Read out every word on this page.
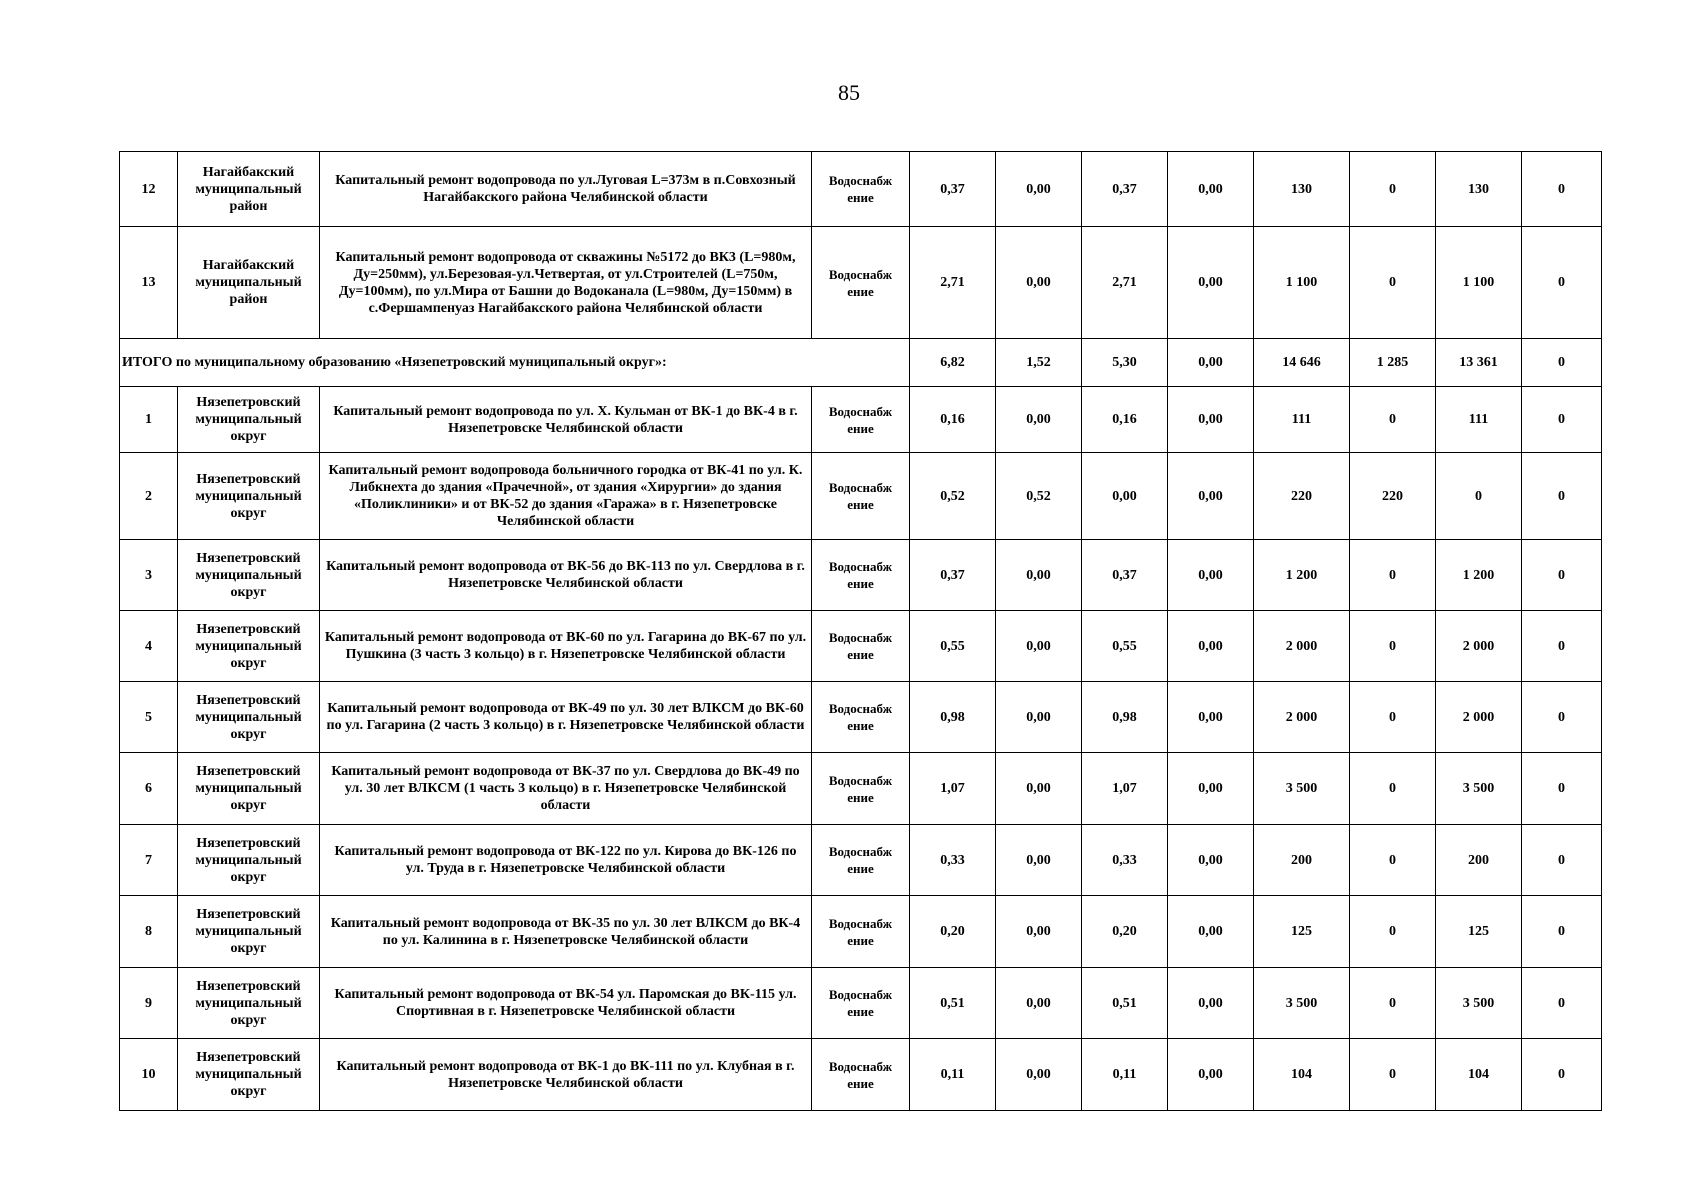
85
12	Нагайбакский муниципальный район	Капитальный ремонт водопровода по ул.Луговая L=373м в п.Совхозный Нагайбакского района Челябинской области	Водоснабж ение	0,37	0,00	0,37	0,00	130	0	130	0
13	Нагайбакский муниципальный район	Капитальный ремонт водопровода от скважины №5172 до ВК3 (L=980м, Ду=250мм), ул.Березовая-ул.Четвертая, от ул.Строителей (L=750м, Ду=100мм), по ул.Мира от Башни до Водоканала (L=980м, Ду=150мм) в с.Фершампенуаз Нагайбакского района Челябинской области	Водоснабж ение	2,71	0,00	2,71	0,00	1 100	0	1 100	0
ИТОГО по муниципальному образованию «Нязепетровский муниципальный округ»:				6,82	1,52	5,30	0,00	14 646	1 285	13 361	0
1	Нязепетровский муниципальный округ	Капитальный ремонт водопровода по ул. Х. Кульман от ВК-1 до ВК-4 в г. Нязепетровске Челябинской области	Водоснабж ение	0,16	0,00	0,16	0,00	111	0	111	0
2	Нязепетровский муниципальный округ	Капитальный ремонт водопровода больничного городка от ВК-41 по ул. К. Либкнехта до здания «Прачечной», от здания «Хирургии» до здания «Поликлиники» и от ВК-52 до здания «Гаража» в г. Нязепетровске Челябинской области	Водоснабж ение	0,52	0,52	0,00	0,00	220	220	0	0
3	Нязепетровский муниципальный округ	Капитальный ремонт водопровода от ВК-56 до ВК-113 по ул. Свердлова в г. Нязепетровске Челябинской области	Водоснабж ение	0,37	0,00	0,37	0,00	1 200	0	1 200	0
4	Нязепетровский муниципальный округ	Капитальный ремонт водопровода от ВК-60 по ул. Гагарина до ВК-67 по ул. Пушкина (3 часть 3 кольцо) в г. Нязепетровске Челябинской области	Водоснабж ение	0,55	0,00	0,55	0,00	2 000	0	2 000	0
5	Нязепетровский муниципальный округ	Капитальный ремонт водопровода от ВК-49 по ул. 30 лет ВЛКСМ до ВК-60 по ул. Гагарина (2 часть 3 кольцо) в г. Нязепетровске Челябинской области	Водоснабж ение	0,98	0,00	0,98	0,00	2 000	0	2 000	0
6	Нязепетровский муниципальный округ	Капитальный ремонт водопровода от ВК-37 по ул. Свердлова до ВК-49 по ул. 30 лет ВЛКСМ (1 часть 3 кольцо) в г. Нязепетровске Челябинской области	Водоснабж ение	1,07	0,00	1,07	0,00	3 500	0	3 500	0
7	Нязепетровский муниципальный округ	Капитальный ремонт водопровода от ВК-122 по ул. Кирова до ВК-126 по ул. Труда в г. Нязепетровске Челябинской области	Водоснабж ение	0,33	0,00	0,33	0,00	200	0	200	0
8	Нязепетровский муниципальный округ	Капитальный ремонт водопровода от ВК-35 по ул. 30 лет ВЛКСМ до ВК-4 по ул. Калинина в г. Нязепетровске Челябинской области	Водоснабж ение	0,20	0,00	0,20	0,00	125	0	125	0
9	Нязепетровский муниципальный округ	Капитальный ремонт водопровода от ВК-54 ул. Паромская до ВК-115 ул. Спортивная в г. Нязепетровске Челябинской области	Водоснабж ение	0,51	0,00	0,51	0,00	3 500	0	3 500	0
10	Нязепетровский муниципальный округ	Капитальный ремонт водопровода от ВК-1 до ВК-111 по ул. Клубная в г. Нязепетровске Челябинской области	Водоснабж ение	0,11	0,00	0,11	0,00	104	0	104	0
